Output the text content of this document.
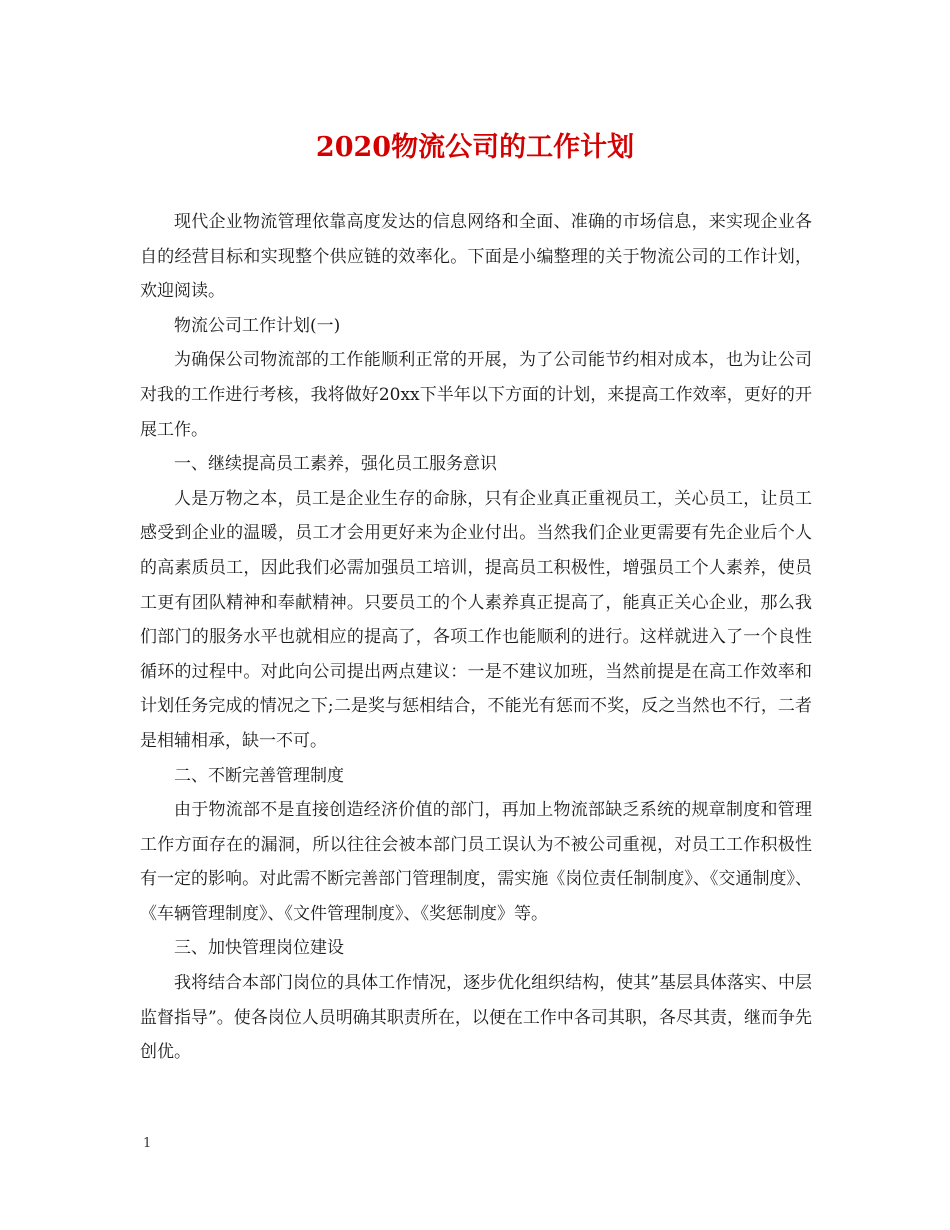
2020物流公司的工作计划

现代企业物流管理依靠高度发达的信息网络和全面、准确的市场信息，来实现企业各自的经营目标和实现整个供应链的效率化。下面是小编整理的关于物流公司的工作计划，欢迎阅读。

物流公司工作计划(一)

为确保公司物流部的工作能顺利正常的开展，为了公司能节约相对成本，也为让公司对我的工作进行考核，我将做好20xx下半年以下方面的计划，来提高工作效率，更好的开展工作。

一、继续提高员工素养，强化员工服务意识

人是万物之本，员工是企业生存的命脉，只有企业真正重视员工，关心员工，让员工感受到企业的温暖，员工才会用更好来为企业付出。当然我们企业更需要有先企业后个人的高素质员工，因此我们必需加强员工培训，提高员工积极性，增强员工个人素养，使员工更有团队精神和奉献精神。只要员工的个人素养真正提高了，能真正关心企业，那么我们部门的服务水平也就相应的提高了，各项工作也能顺利的进行。这样就进入了一个良性循环的过程中。对此向公司提出两点建议：一是不建议加班，当然前提是在高工作效率和计划任务完成的情况之下;二是奖与惩相结合，不能光有惩而不奖，反之当然也不行，二者是相辅相承，缺一不可。

二、不断完善管理制度

由于物流部不是直接创造经济价值的部门，再加上物流部缺乏系统的规章制度和管理工作方面存在的漏洞，所以往往会被本部门员工误认为不被公司重视，对员工工作积极性有一定的影响。对此需不断完善部门管理制度，需实施《岗位责任制制度》、《交通制度》、《车辆管理制度》、《文件管理制度》、《奖惩制度》等。

三、加快管理岗位建设

我将结合本部门岗位的具体工作情况，逐步优化组织结构，使其”基层具体落实、中层监督指导”。使各岗位人员明确其职责所在，以便在工作中各司其职，各尽其责，继而争先创优。

1
